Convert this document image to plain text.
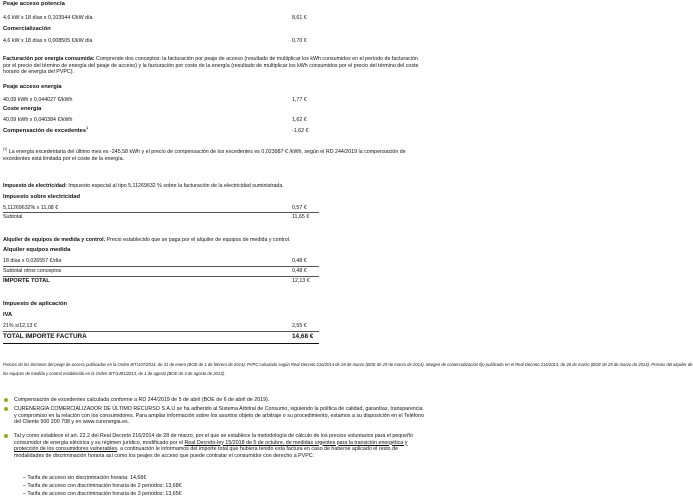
Peaje acceso potencia
4,6 kW x 18 días x 0,103944 €/kW día	8,61 €
Comercialización
4,6 kW x 18 días x 0,008505 €/kW día	0,70 €
Facturación por energía consumida: Comprende dos conceptos: la facturación por peaje de acceso (resultado de multiplicar los kWh consumidos en el período de facturación por el precio del término de energía del peaje de acceso) y la facturación por coste de la energía (resultado de multiplicar los kWh consumidos por el precio del término del coste horario de energía del PVPC).
Peaje acceso energía
40,09 kWh x 0,044027 €/kWh	1,77 €
Coste energía
40,09 kWh x 0,040384 €/kWh	1,62 €
Compensación de excedentes$^1$	-1,62 €
$^{(1)}$ La energía excedentaria del último mes es -245,58 kWh y el precio de compensación de los excedentes es 0,023987 € /kWh, según el RD 244/2019 la compensación de excedentes está limitada por el coste de la energía.
Impuesto de electricidad: Impuesto especial al tipo 5,11269632 % sobre la facturación de la electricidad suministrada.
Impuesto sobre electricidad
5,11269632% x 11,08 €	0,57 €
Subtotal	11,65 €
Alquiler de equipos de medida y control. Precio establecido que se paga por el alquiler de equipos de medida y control.
Alquiler equipos medida
18 días x 0,026557 €/día	0,48 €
Subtotal otros conceptos	0,48 €
IMPORTE TOTAL	12,13 €
Impuesto de aplicación
IVA
21% s/12,13 €	2,55 €
TOTAL IMPORTE FACTURA	14,68 €
Precios de los términos del peaje de acceso publicados en la Orden IET/107/2014, de 31 de enero (BOE de 1 de febrero de 2014). PVPC calculado según Real Decreto 216/2014 de 28 de marzo (BOE de 29 de marzo de 2014). Margen de comercialización fijo publicado en el Real Decreto 216/2014, de 28 de marzo (BOE de 29 de marzo de 2014). Precios del alquiler de
los equipos de medida y control establecido en la Orden IET/1491/2013, de 1 de agosto (BOE de 3 de agosto de 2013).
Compensación de excedentes calculada conforme a RD 244/2019 de 5 de abril (BOE de 6 de abril de 2019).
CURENERGÍA COMERCIALIZADOR DE ÚLTIMO RECURSO S.A.U se ha adherido al Sistema Arbitral de Consumo, siguiendo la política de calidad, garantías, transparencia y compromiso en la relación con los consumidores. Para ampliar información sobre los asuntos objeto de arbitraje o su procedimiento, estamos a su disposición en el Teléfono del Cliente 900 200 708 y en www.curenergia.es.
Tal y como establece el art. 22.2 del Real Decreto 216/2014 de 28 de marzo, por el que se establece la metodología de cálculo de los precios voluntarios para el pequeño consumidor de energía eléctrica y su régimen jurídico, modificado por el Real Decreto-ley 15/2018 de 5 de octubre, de medidas urgentes para la transición energética y protección de los consumidores vulnerables, a continuación le informamos del importe total que hubiera tenido esta factura en caso de haberse aplicado el resto de modalidades de discriminación horaria así como los peajes de acceso que puede contratar el consumidor con derecho a PVPC:
– Tarifa de acceso sin discriminación horaria: 14,68€
– Tarifa de acceso con discriminación horaria de 2 periodos: 13,68€
– Tarifa de acceso con discriminación horaria de 3 periodos: 13,65€
